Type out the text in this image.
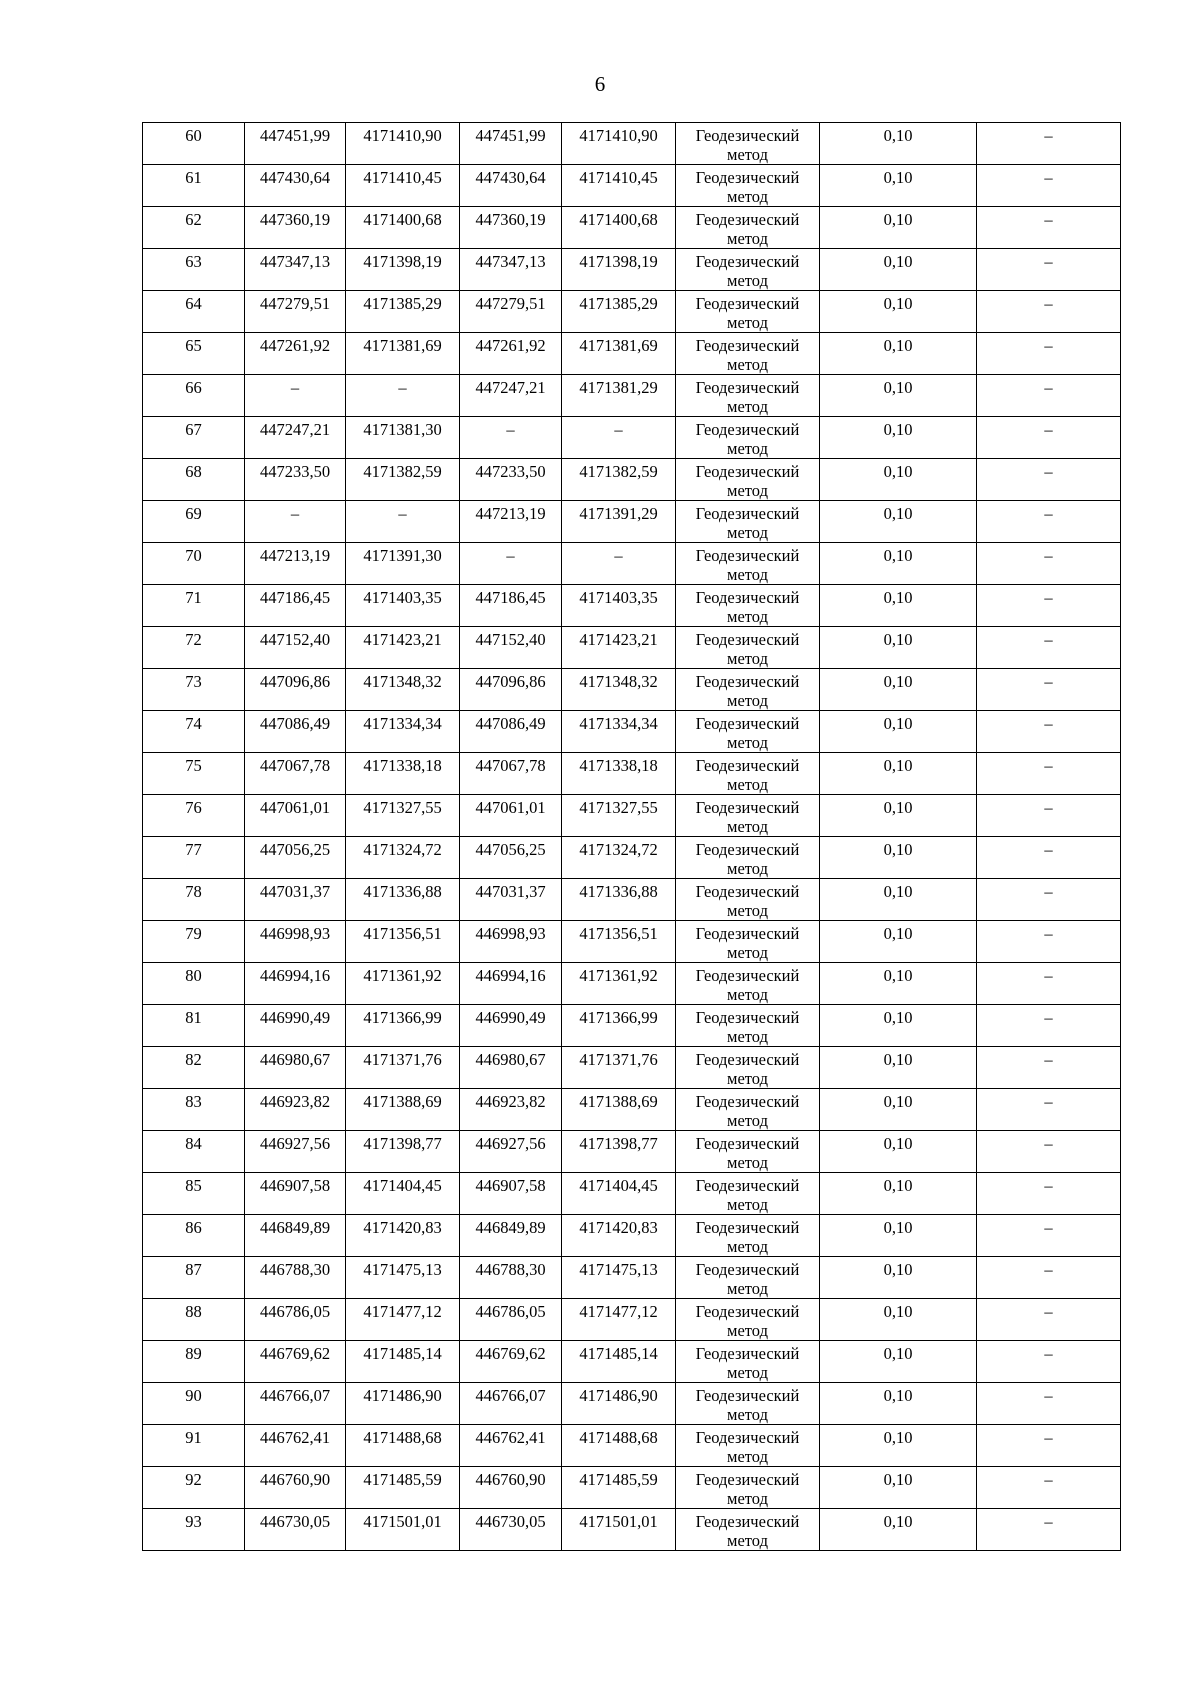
6
60	447451,99	4171410,90	447451,99	4171410,90	Геодезический метод	0,10	–
61	447430,64	4171410,45	447430,64	4171410,45	Геодезический метод	0,10	–
62	447360,19	4171400,68	447360,19	4171400,68	Геодезический метод	0,10	–
63	447347,13	4171398,19	447347,13	4171398,19	Геодезический метод	0,10	–
64	447279,51	4171385,29	447279,51	4171385,29	Геодезический метод	0,10	–
65	447261,92	4171381,69	447261,92	4171381,69	Геодезический метод	0,10	–
66	–	–	447247,21	4171381,29	Геодезический метод	0,10	–
67	447247,21	4171381,30	–	–	Геодезический метод	0,10	–
68	447233,50	4171382,59	447233,50	4171382,59	Геодезический метод	0,10	–
69	–	–	447213,19	4171391,29	Геодезический метод	0,10	–
70	447213,19	4171391,30	–	–	Геодезический метод	0,10	–
71	447186,45	4171403,35	447186,45	4171403,35	Геодезический метод	0,10	–
72	447152,40	4171423,21	447152,40	4171423,21	Геодезический метод	0,10	–
73	447096,86	4171348,32	447096,86	4171348,32	Геодезический метод	0,10	–
74	447086,49	4171334,34	447086,49	4171334,34	Геодезический метод	0,10	–
75	447067,78	4171338,18	447067,78	4171338,18	Геодезический метод	0,10	–
76	447061,01	4171327,55	447061,01	4171327,55	Геодезический метод	0,10	–
77	447056,25	4171324,72	447056,25	4171324,72	Геодезический метод	0,10	–
78	447031,37	4171336,88	447031,37	4171336,88	Геодезический метод	0,10	–
79	446998,93	4171356,51	446998,93	4171356,51	Геодезический метод	0,10	–
80	446994,16	4171361,92	446994,16	4171361,92	Геодезический метод	0,10	–
81	446990,49	4171366,99	446990,49	4171366,99	Геодезический метод	0,10	–
82	446980,67	4171371,76	446980,67	4171371,76	Геодезический метод	0,10	–
83	446923,82	4171388,69	446923,82	4171388,69	Геодезический метод	0,10	–
84	446927,56	4171398,77	446927,56	4171398,77	Геодезический метод	0,10	–
85	446907,58	4171404,45	446907,58	4171404,45	Геодезический метод	0,10	–
86	446849,89	4171420,83	446849,89	4171420,83	Геодезический метод	0,10	–
87	446788,30	4171475,13	446788,30	4171475,13	Геодезический метод	0,10	–
88	446786,05	4171477,12	446786,05	4171477,12	Геодезический метод	0,10	–
89	446769,62	4171485,14	446769,62	4171485,14	Геодезический метод	0,10	–
90	446766,07	4171486,90	446766,07	4171486,90	Геодезический метод	0,10	–
91	446762,41	4171488,68	446762,41	4171488,68	Геодезический метод	0,10	–
92	446760,90	4171485,59	446760,90	4171485,59	Геодезический метод	0,10	–
93	446730,05	4171501,01	446730,05	4171501,01	Геодезический метод	0,10	–
